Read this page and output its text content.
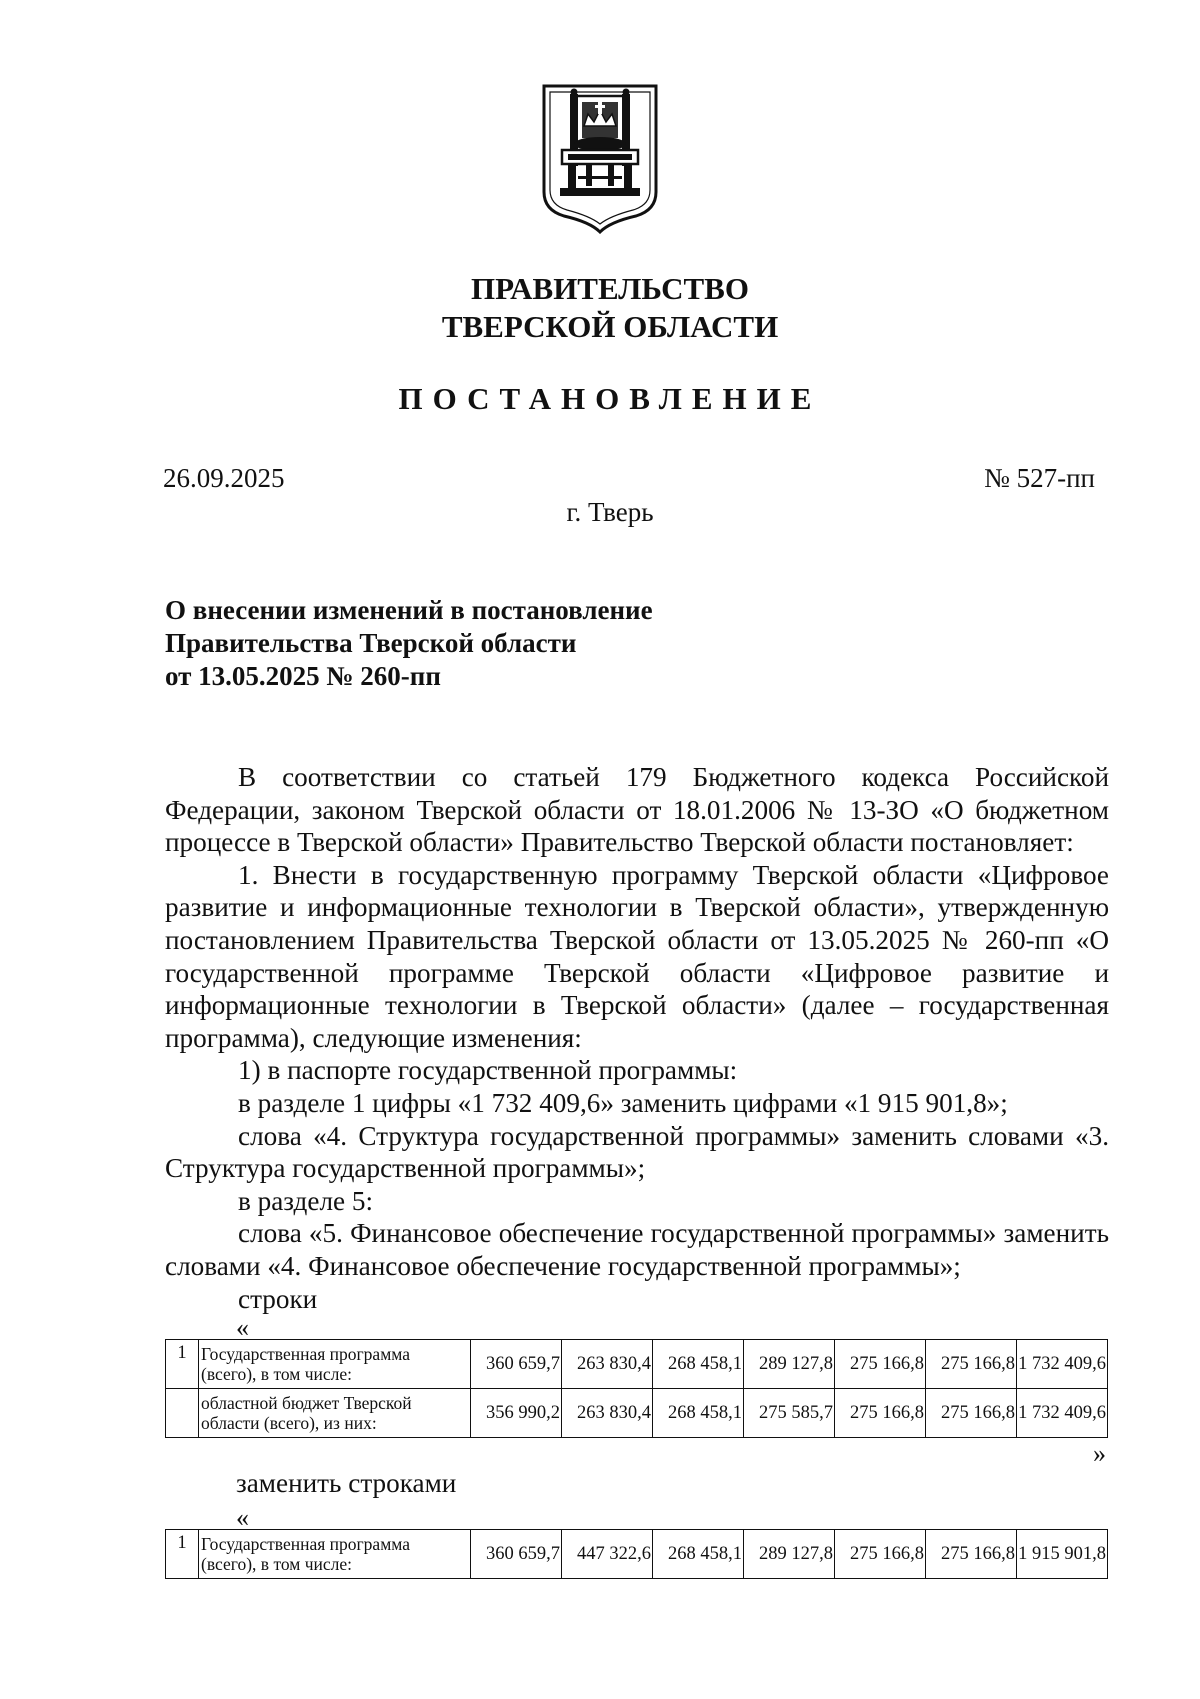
ПРАВИТЕЛЬСТВО
ТВЕРСКОЙ ОБЛАСТИ
ПОСТАНОВЛЕНИЕ
26.09.2025	№ 527-пп
г. Тверь
О внесении изменений в постановление
Правительства Тверской области
от 13.05.2025 № 260-пп

В соответствии со статьей 179 Бюджетного кодекса Российской Федерации, законом Тверской области от 18.01.2006 № 13-ЗО «О бюджетном процессе в Тверской области» Правительство Тверской области постановляет:

1. Внести в государственную программу Тверской области «Цифровое развитие и информационные технологии в Тверской области», утвержденную постановлением Правительства Тверской области от 13.05.2025 № 260-пп «О государственной программе Тверской области «Цифровое развитие и информационные технологии в Тверской области» (далее – государственная программа), следующие изменения:

1) в паспорте государственной программы:

в разделе 1 цифры «1 732 409,6» заменить цифрами «1 915 901,8»;

слова «4. Структура государственной программы» заменить словами «3. Структура государственной программы»;

в разделе 5:

слова «5. Финансовое обеспечение государственной программы» заменить словами «4. Финансовое обеспечение государственной программы»;

строки

«
1	Государственная программа (всего), в том числе:	360 659,7	263 830,4	268 458,1	289 127,8	275 166,8	275 166,8	1 732 409,6
	областной бюджет Тверской области (всего), из них:	356 990,2	263 830,4	268 458,1	275 585,7	275 166,8	275 166,8	1 732 409,6
»
заменить строками
«
1	Государственная программа (всего), в том числе:	360 659,7	447 322,6	268 458,1	289 127,8	275 166,8	275 166,8	1 915 901,8
